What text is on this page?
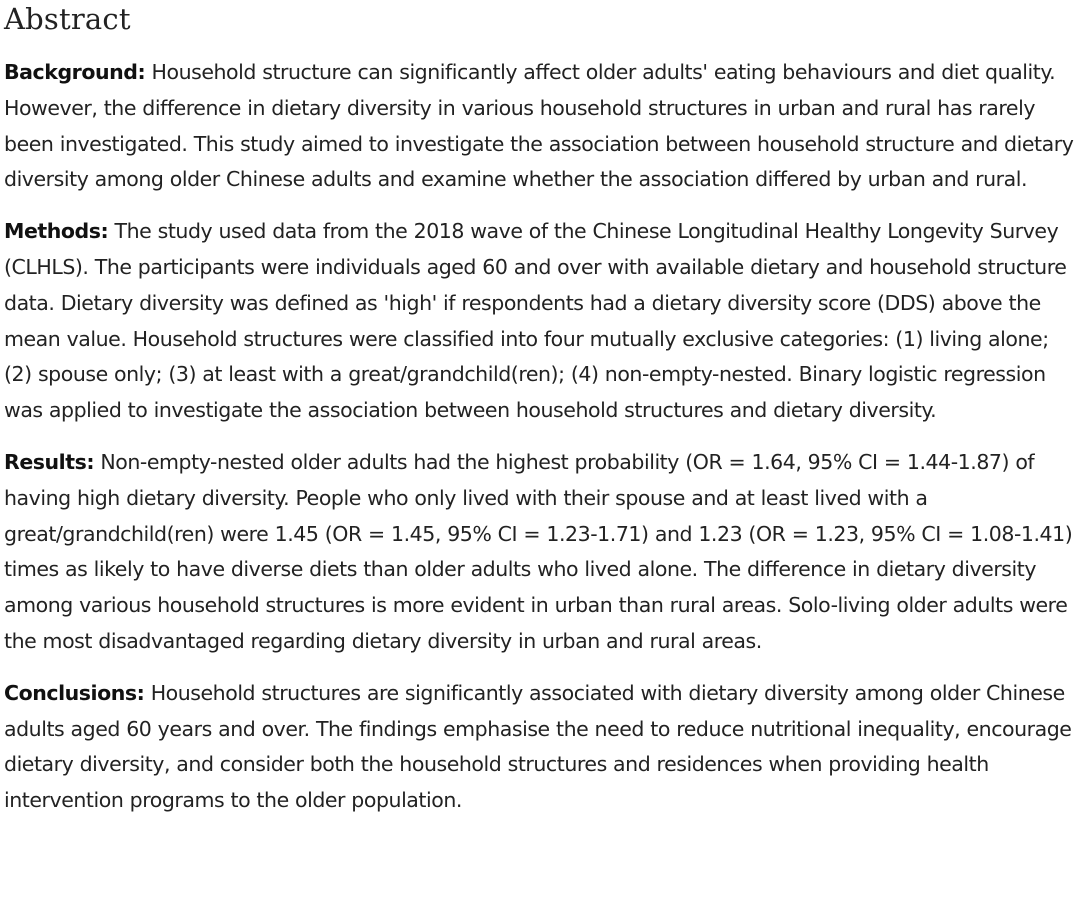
Abstract

Background: Household structure can significantly affect older adults' eating behaviours and diet quality. However, the difference in dietary diversity in various household structures in urban and rural has rarely been investigated. This study aimed to investigate the association between household structure and dietary diversity among older Chinese adults and examine whether the association differed by urban and rural.

Methods: The study used data from the 2018 wave of the Chinese Longitudinal Healthy Longevity Survey (CLHLS). The participants were individuals aged 60 and over with available dietary and household structure data. Dietary diversity was defined as 'high' if respondents had a dietary diversity score (DDS) above the mean value. Household structures were classified into four mutually exclusive categories: (1) living alone; (2) spouse only; (3) at least with a great/grandchild(ren); (4) non-empty-nested. Binary logistic regression was applied to investigate the association between household structures and dietary diversity.

Results: Non-empty-nested older adults had the highest probability (OR = 1.64, 95% CI = 1.44-1.87) of having high dietary diversity. People who only lived with their spouse and at least lived with a great/grandchild(ren) were 1.45 (OR = 1.45, 95% CI = 1.23-1.71) and 1.23 (OR = 1.23, 95% CI = 1.08-1.41) times as likely to have diverse diets than older adults who lived alone. The difference in dietary diversity among various household structures is more evident in urban than rural areas. Solo-living older adults were the most disadvantaged regarding dietary diversity in urban and rural areas.

Conclusions: Household structures are significantly associated with dietary diversity among older Chinese adults aged 60 years and over. The findings emphasise the need to reduce nutritional inequality, encourage dietary diversity, and consider both the household structures and residences when providing health intervention programs to the older population.
